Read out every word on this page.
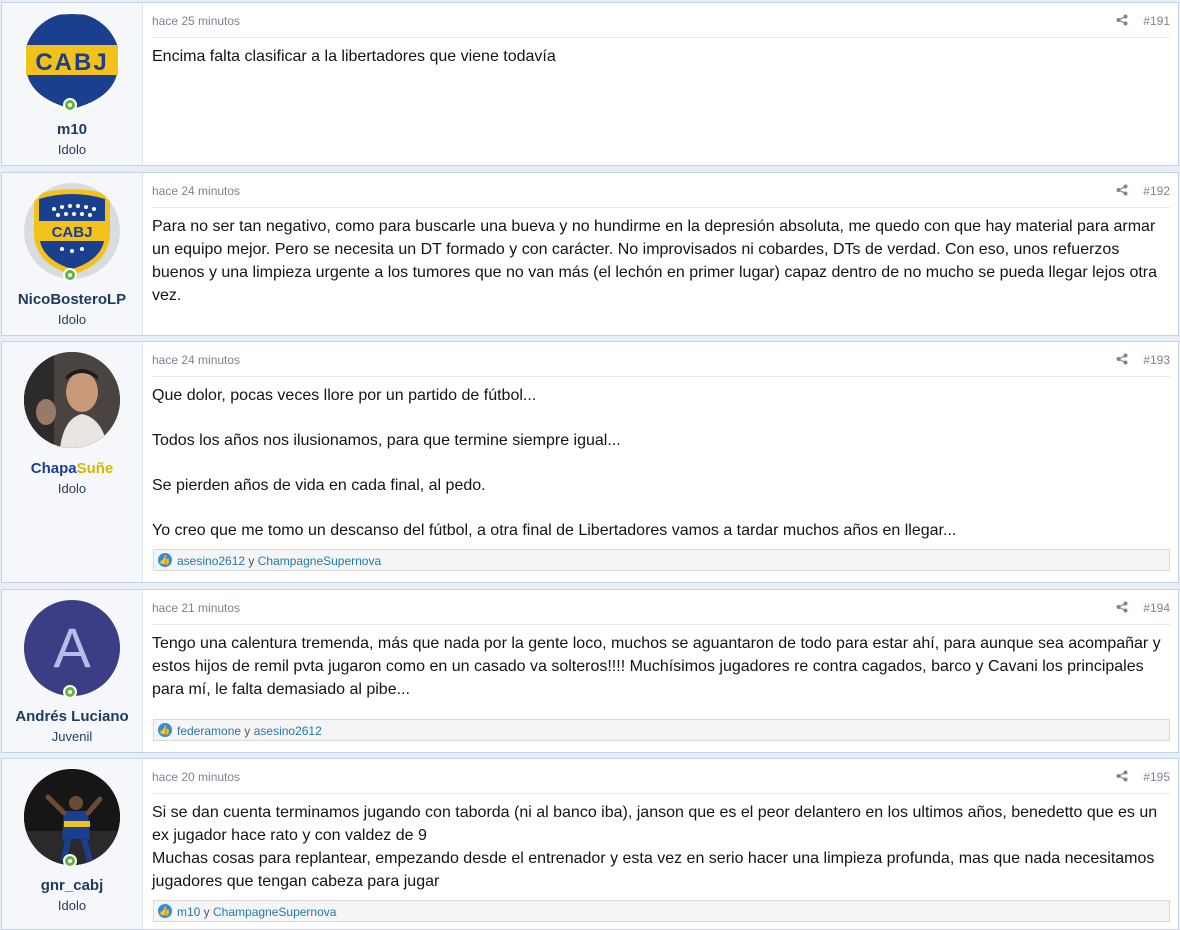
CABJ
m10
Idolo
hace 25 minutos	#191

Encima falta clasificar a la libertadores que viene todavía

CABJ
NicoBosteroLP
Idolo
hace 24 minutos	#192

Para no ser tan negativo, como para buscarle una bueva y no hundirme en la depresión absoluta, me quedo con que hay material para armar un equipo mejor. Pero se necesita un DT formado y con carácter. No improvisados ni cobardes, DTs de verdad. Con eso, unos refuerzos buenos y una limpieza urgente a los tumores que no van más (el lechón en primer lugar) capaz dentro de no mucho se pueda llegar lejos otra vez.

ChapaSuñe
Idolo
hace 24 minutos	#193

Que dolor, pocas veces llore por un partido de fútbol...

Todos los años nos ilusionamos, para que termine siempre igual...

Se pierden años de vida en cada final, al pedo.

Yo creo que me tomo un descanso del fútbol, a otra final de Libertadores vamos a tardar muchos años en llegar...

👍 asesino2612 y ChampagneSupernova
A
Andrés Luciano
Juvenil
hace 21 minutos	#194

Tengo una calentura tremenda, más que nada por la gente loco, muchos se aguantaron de todo para estar ahí, para aunque sea acompañar y estos hijos de remil pvta jugaron como en un casado va solteros!!!! Muchísimos jugadores re contra cagados, barco y Cavani los principales para mí, le falta demasiado al pibe...

👍 federamone y asesino2612
gnr_cabj
Idolo
hace 20 minutos	#195

Si se dan cuenta terminamos jugando con taborda (ni al banco iba), janson que es el peor delantero en los ultimos años, benedetto que es un ex jugador hace rato y con valdez de 9

Muchas cosas para replantear, empezando desde el entrenador y esta vez en serio hacer una limpieza profunda, mas que nada necesitamos jugadores que tengan cabeza para jugar

👍 m10 y ChampagneSupernova
